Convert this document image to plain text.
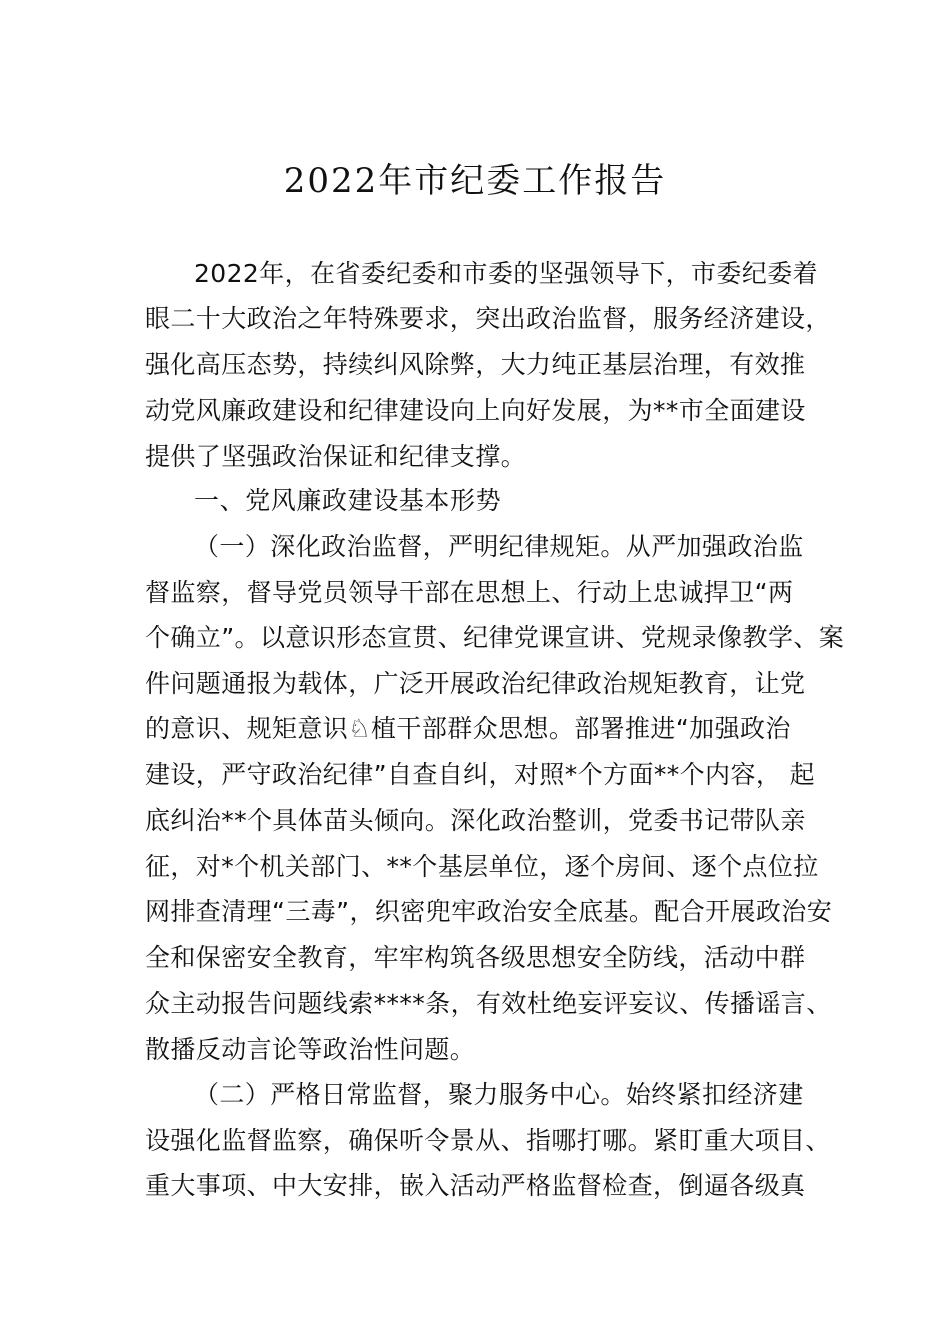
2022年市纪委工作报告
2022年，在省委纪委和市委的坚强领导下，市委纪委着
眼二十大政治之年特殊要求，突出政治监督，服务经济建设，
强化高压态势，持续纠风除弊，大力纯正基层治理，有效推
动党风廉政建设和纪律建设向上向好发展，为**市全面建设
提供了坚强政治保证和纪律支撑。
一、党风廉政建设基本形势
（一）深化政治监督，严明纪律规矩。从严加强政治监
督监察，督导党员领导干部在思想上、行动上忠诚捍卫“两
个确立”。以意识形态宣贯、纪律党课宣讲、党规录像教学、案
件问题通报为载体，广泛开展政治纪律政治规矩教育，让党
的意识、规矩意识♘植干部群众思想。部署推进“加强政治
建设，严守政治纪律”自查自纠，对照*个方面**个内容， 起
底纠治**个具体苗头倾向。深化政治整训，党委书记带队亲
征，对*个机关部门、**个基层单位，逐个房间、逐个点位拉
网排查清理“三毒”，织密兜牢政治安全底基。配合开展政治安
全和保密安全教育，牢牢构筑各级思想安全防线，活动中群
众主动报告问题线索****条，有效杜绝妄评妄议、传播谣言、
散播反动言论等政治性问题。
（二）严格日常监督，聚力服务中心。始终紧扣经济建
设强化监督监察，确保听令景从、指哪打哪。紧盯重大项目、
重大事项、中大安排，嵌入活动严格监督检查，倒逼各级真
